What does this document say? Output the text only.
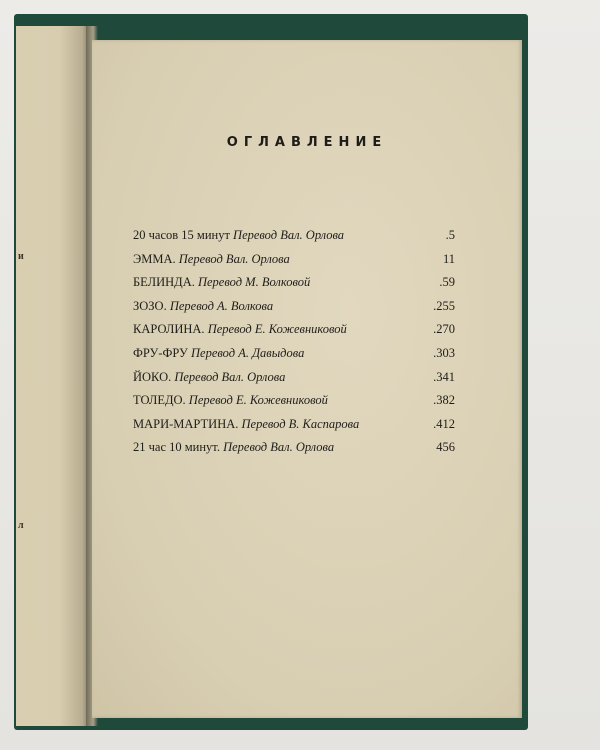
и
л
ОГЛАВЛЕНИЕ
20 часов 15 минут Перевод Вал. Орлова	.5
ЭММА. Перевод Вал. Орлова	11
БЕЛИНДА. Перевод М. Волковой	.59
ЗОЗО. Перевод А. Волкова	.255
КАРОЛИНА. Перевод Е. Кожевниковой	.270
ФРУ-ФРУ Перевод А. Давыдова	.303
ЙОКО. Перевод Вал. Орлова	.341
ТОЛЕДО. Перевод Е. Кожевниковой	.382
МАРИ-МАРТИНА. Перевод В. Каспарова	.412
21 час 10 минут. Перевод Вал. Орлова	456
